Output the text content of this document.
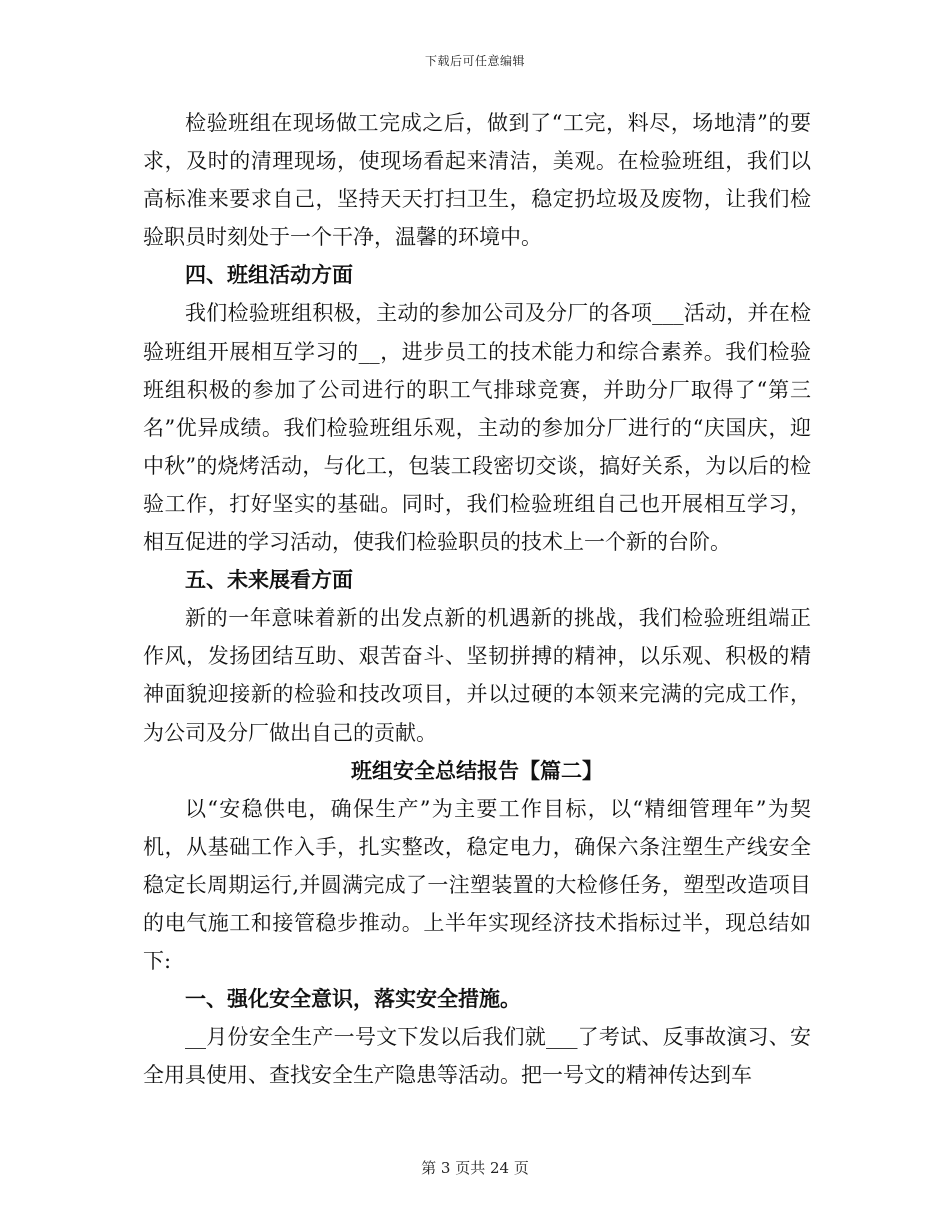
下载后可任意编辑

检验班组在现场做工完成之后，做到了“工完，料尽，场地清”的要求，及时的清理现场，使现场看起来清洁，美观。在检验班组，我们以高标准来要求自己，坚持天天打扫卫生，稳定扔垃圾及废物，让我们检验职员时刻处于一个干净，温馨的环境中。

四、班组活动方面

我们检验班组积极，主动的参加公司及分厂的各项___活动，并在检验班组开展相互学习的__，进步员工的技术能力和综合素养。我们检验班组积极的参加了公司进行的职工气排球竞赛，并助分厂取得了“第三名”优异成绩。我们检验班组乐观，主动的参加分厂进行的“庆国庆，迎中秋”的烧烤活动，与化工，包装工段密切交谈，搞好关系，为以后的检验工作，打好坚实的基础。同时，我们检验班组自己也开展相互学习，相互促进的学习活动，使我们检验职员的技术上一个新的台阶。

五、未来展看方面

新的一年意味着新的出发点新的机遇新的挑战，我们检验班组端正作风，发扬团结互助、艰苦奋斗、坚韧拼搏的精神，以乐观、积极的精神面貌迎接新的检验和技改项目，并以过硬的本领来完满的完成工作，为公司及分厂做出自己的贡献。

班组安全总结报告【篇二】

以“安稳供电，确保生产”为主要工作目标，以“精细管理年”为契机，从基础工作入手，扎实整改，稳定电力，确保六条注塑生产线安全稳定长周期运行,并圆满完成了一注塑装置的大检修任务，塑型改造项目的电气施工和接管稳步推动。上半年实现经济技术指标过半，现总结如下:

一、强化安全意识，落实安全措施。

__月份安全生产一号文下发以后我们就___了考试、反事故演习、安全用具使用、查找安全生产隐患等活动。把一号文的精神传达到车

第 3 页共 24 页
